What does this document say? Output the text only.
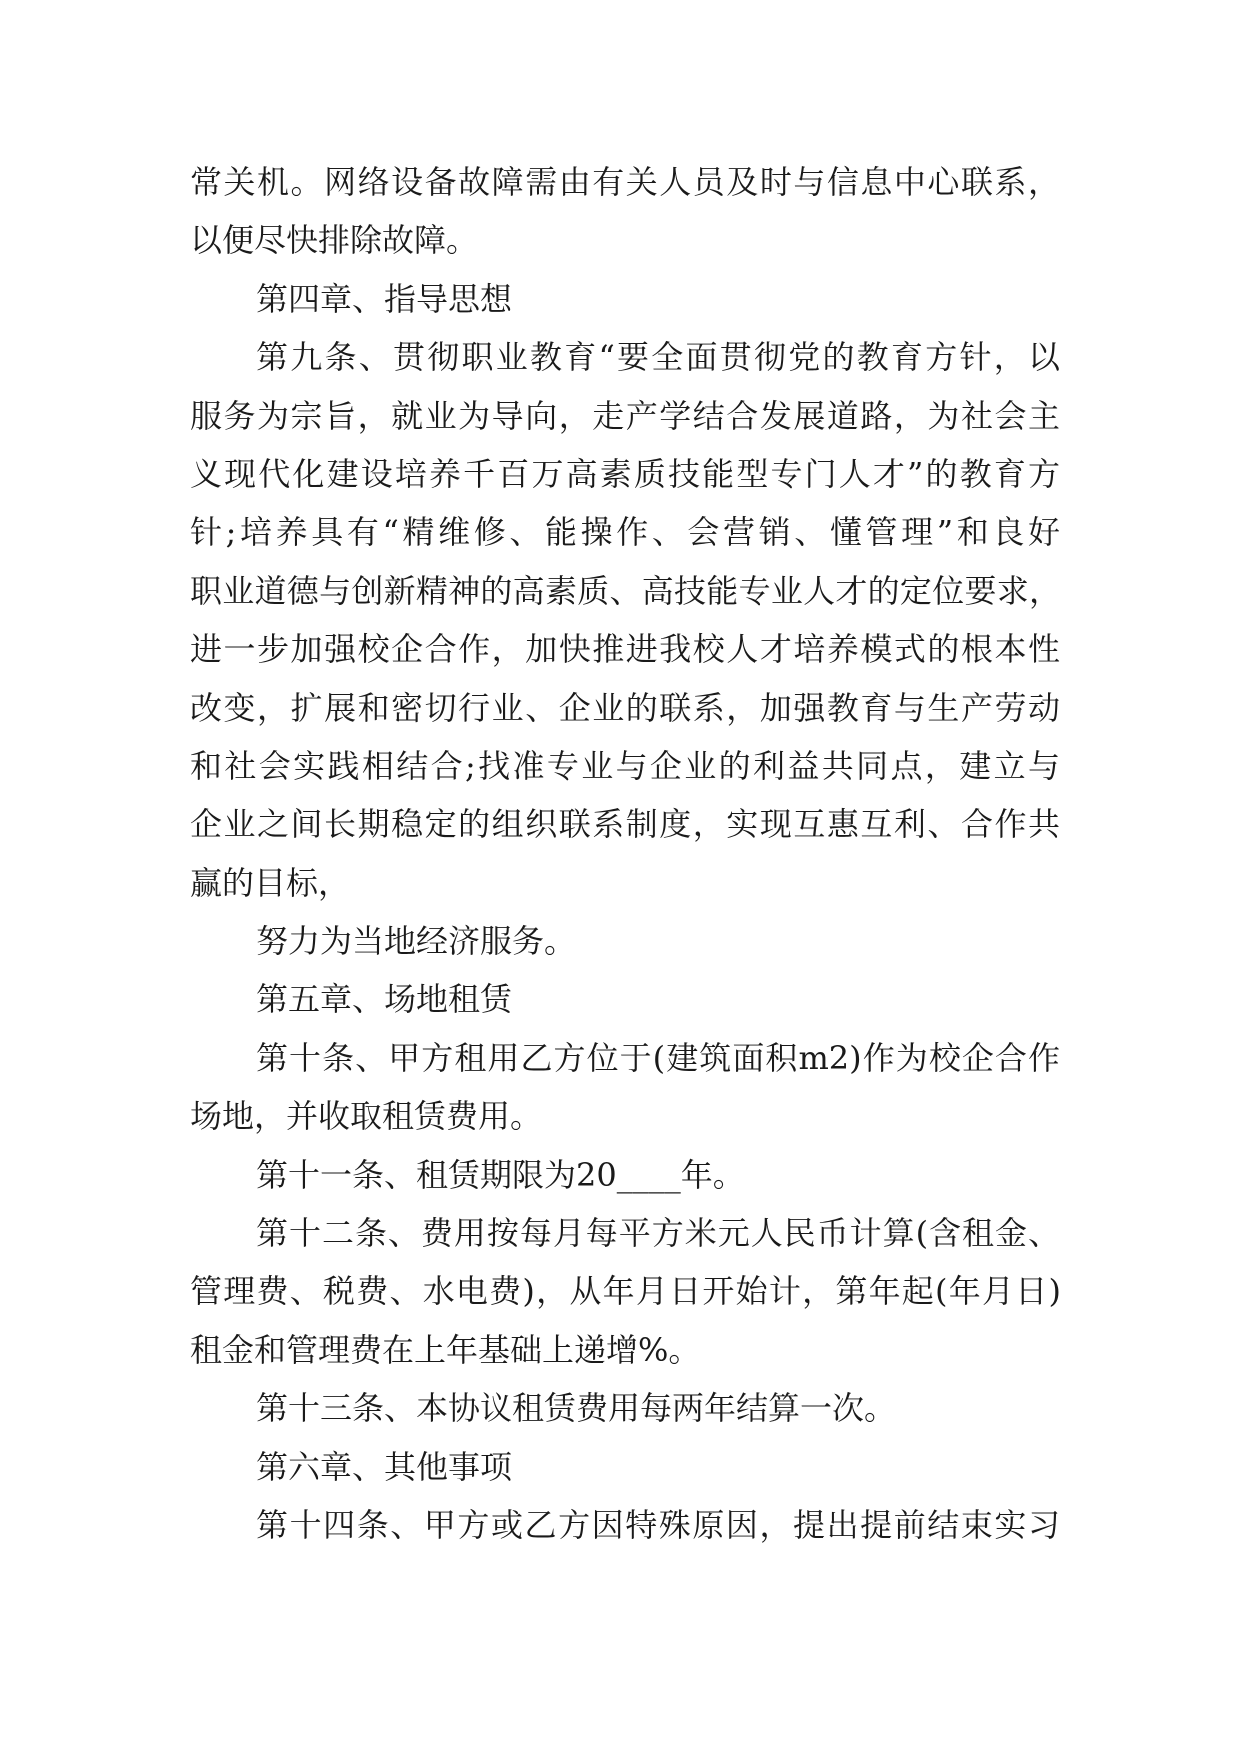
常关机。网络设备故障需由有关人员及时与信息中心联系，
以便尽快排除故障。
第四章、指导思想
第九条、贯彻职业教育“要全面贯彻党的教育方针，以
服务为宗旨，就业为导向，走产学结合发展道路，为社会主
义现代化建设培养千百万高素质技能型专门人才”的教育方
针;培养具有“精维修、能操作、会营销、懂管理”和良好
职业道德与创新精神的高素质、高技能专业人才的定位要求，
进一步加强校企合作，加快推进我校人才培养模式的根本性
改变，扩展和密切行业、企业的联系，加强教育与生产劳动
和社会实践相结合;找准专业与企业的利益共同点，建立与
企业之间长期稳定的组织联系制度，实现互惠互利、合作共
赢的目标，
努力为当地经济服务。
第五章、场地租赁
第十条、甲方租用乙方位于(建筑面积m2)作为校企合作
场地，并收取租赁费用。
第十一条、租赁期限为20____年。
第十二条、费用按每月每平方米元人民币计算(含租金、
管理费、税费、水电费)，从年月日开始计，第年起(年月日)
租金和管理费在上年基础上递增%。
第十三条、本协议租赁费用每两年结算一次。
第六章、其他事项
第十四条、甲方或乙方因特殊原因，提出提前结束实习
